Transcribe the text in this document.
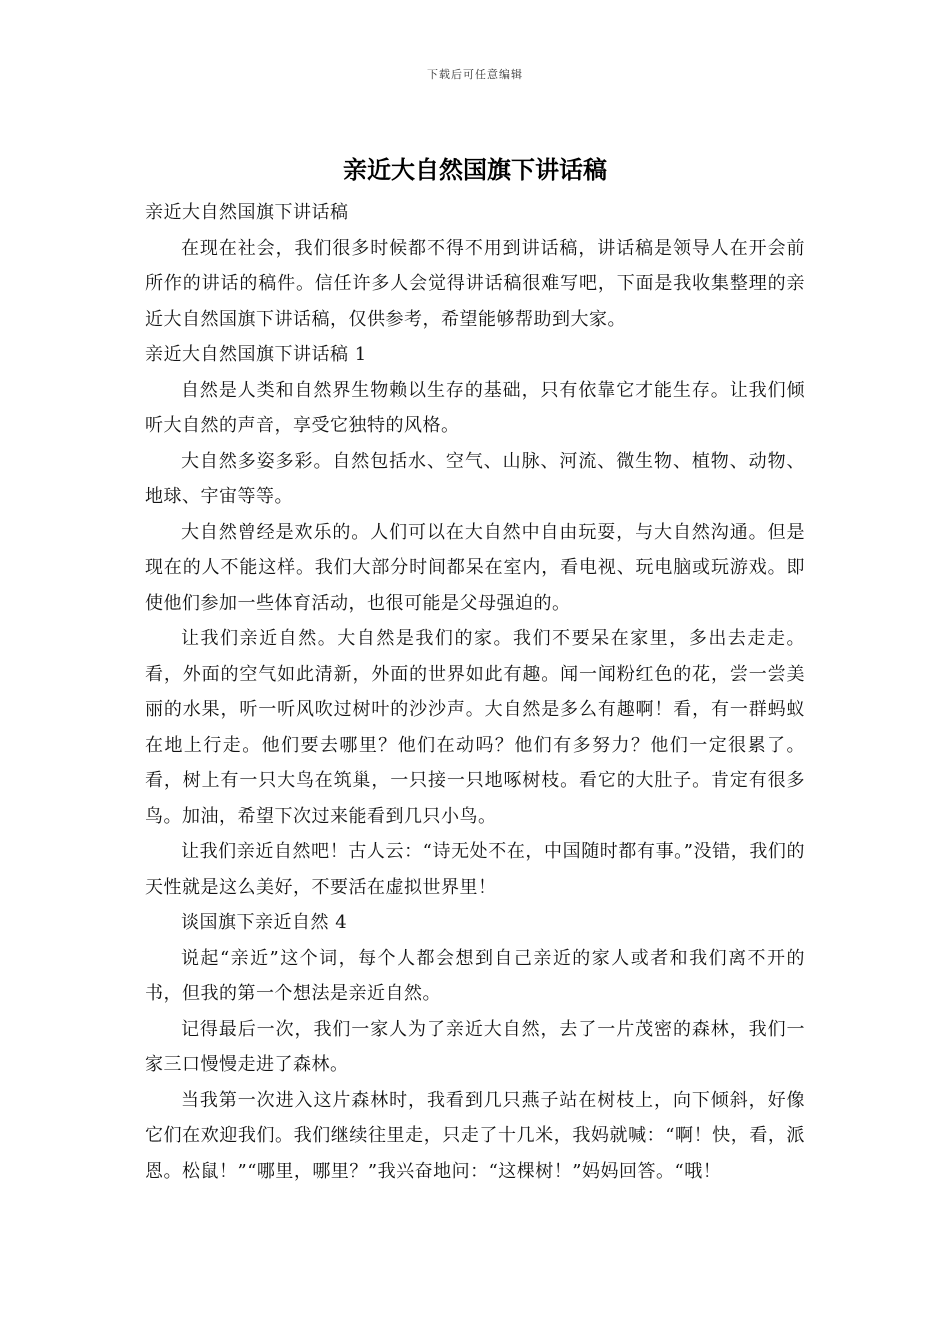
下载后可任意编辑
亲近大自然国旗下讲话稿

亲近大自然国旗下讲话稿

在现在社会，我们很多时候都不得不用到讲话稿，讲话稿是领导人在开会前所作的讲话的稿件。信任许多人会觉得讲话稿很难写吧，下面是我收集整理的亲近大自然国旗下讲话稿，仅供参考，希望能够帮助到大家。

亲近大自然国旗下讲话稿 1

自然是人类和自然界生物赖以生存的基础，只有依靠它才能生存。让我们倾听大自然的声音，享受它独特的风格。

大自然多姿多彩。自然包括水、空气、山脉、河流、微生物、植物、动物、地球、宇宙等等。

大自然曾经是欢乐的。人们可以在大自然中自由玩耍，与大自然沟通。但是现在的人不能这样。我们大部分时间都呆在室内，看电视、玩电脑或玩游戏。即使他们参加一些体育活动，也很可能是父母强迫的。

让我们亲近自然。大自然是我们的家。我们不要呆在家里，多出去走走。看，外面的空气如此清新，外面的世界如此有趣。闻一闻粉红色的花，尝一尝美丽的水果，听一听风吹过树叶的沙沙声。大自然是多么有趣啊！看，有一群蚂蚁在地上行走。他们要去哪里？他们在动吗？他们有多努力？他们一定很累了。看，树上有一只大鸟在筑巢，一只接一只地啄树枝。看它的大肚子。肯定有很多鸟。加油，希望下次过来能看到几只小鸟。

让我们亲近自然吧！古人云：“诗无处不在，中国随时都有事。”没错，我们的天性就是这么美好，不要活在虚拟世界里！

谈国旗下亲近自然 4

说起“亲近”这个词，每个人都会想到自己亲近的家人或者和我们离不开的书，但我的第一个想法是亲近自然。

记得最后一次，我们一家人为了亲近大自然，去了一片茂密的森林，我们一家三口慢慢走进了森林。

当我第一次进入这片森林时，我看到几只燕子站在树枝上，向下倾斜，好像它们在欢迎我们。我们继续往里走，只走了十几米，我妈就喊：“啊！快，看，派恩。松鼠！”“哪里，哪里？”我兴奋地问：“这棵树！”妈妈回答。“哦！
